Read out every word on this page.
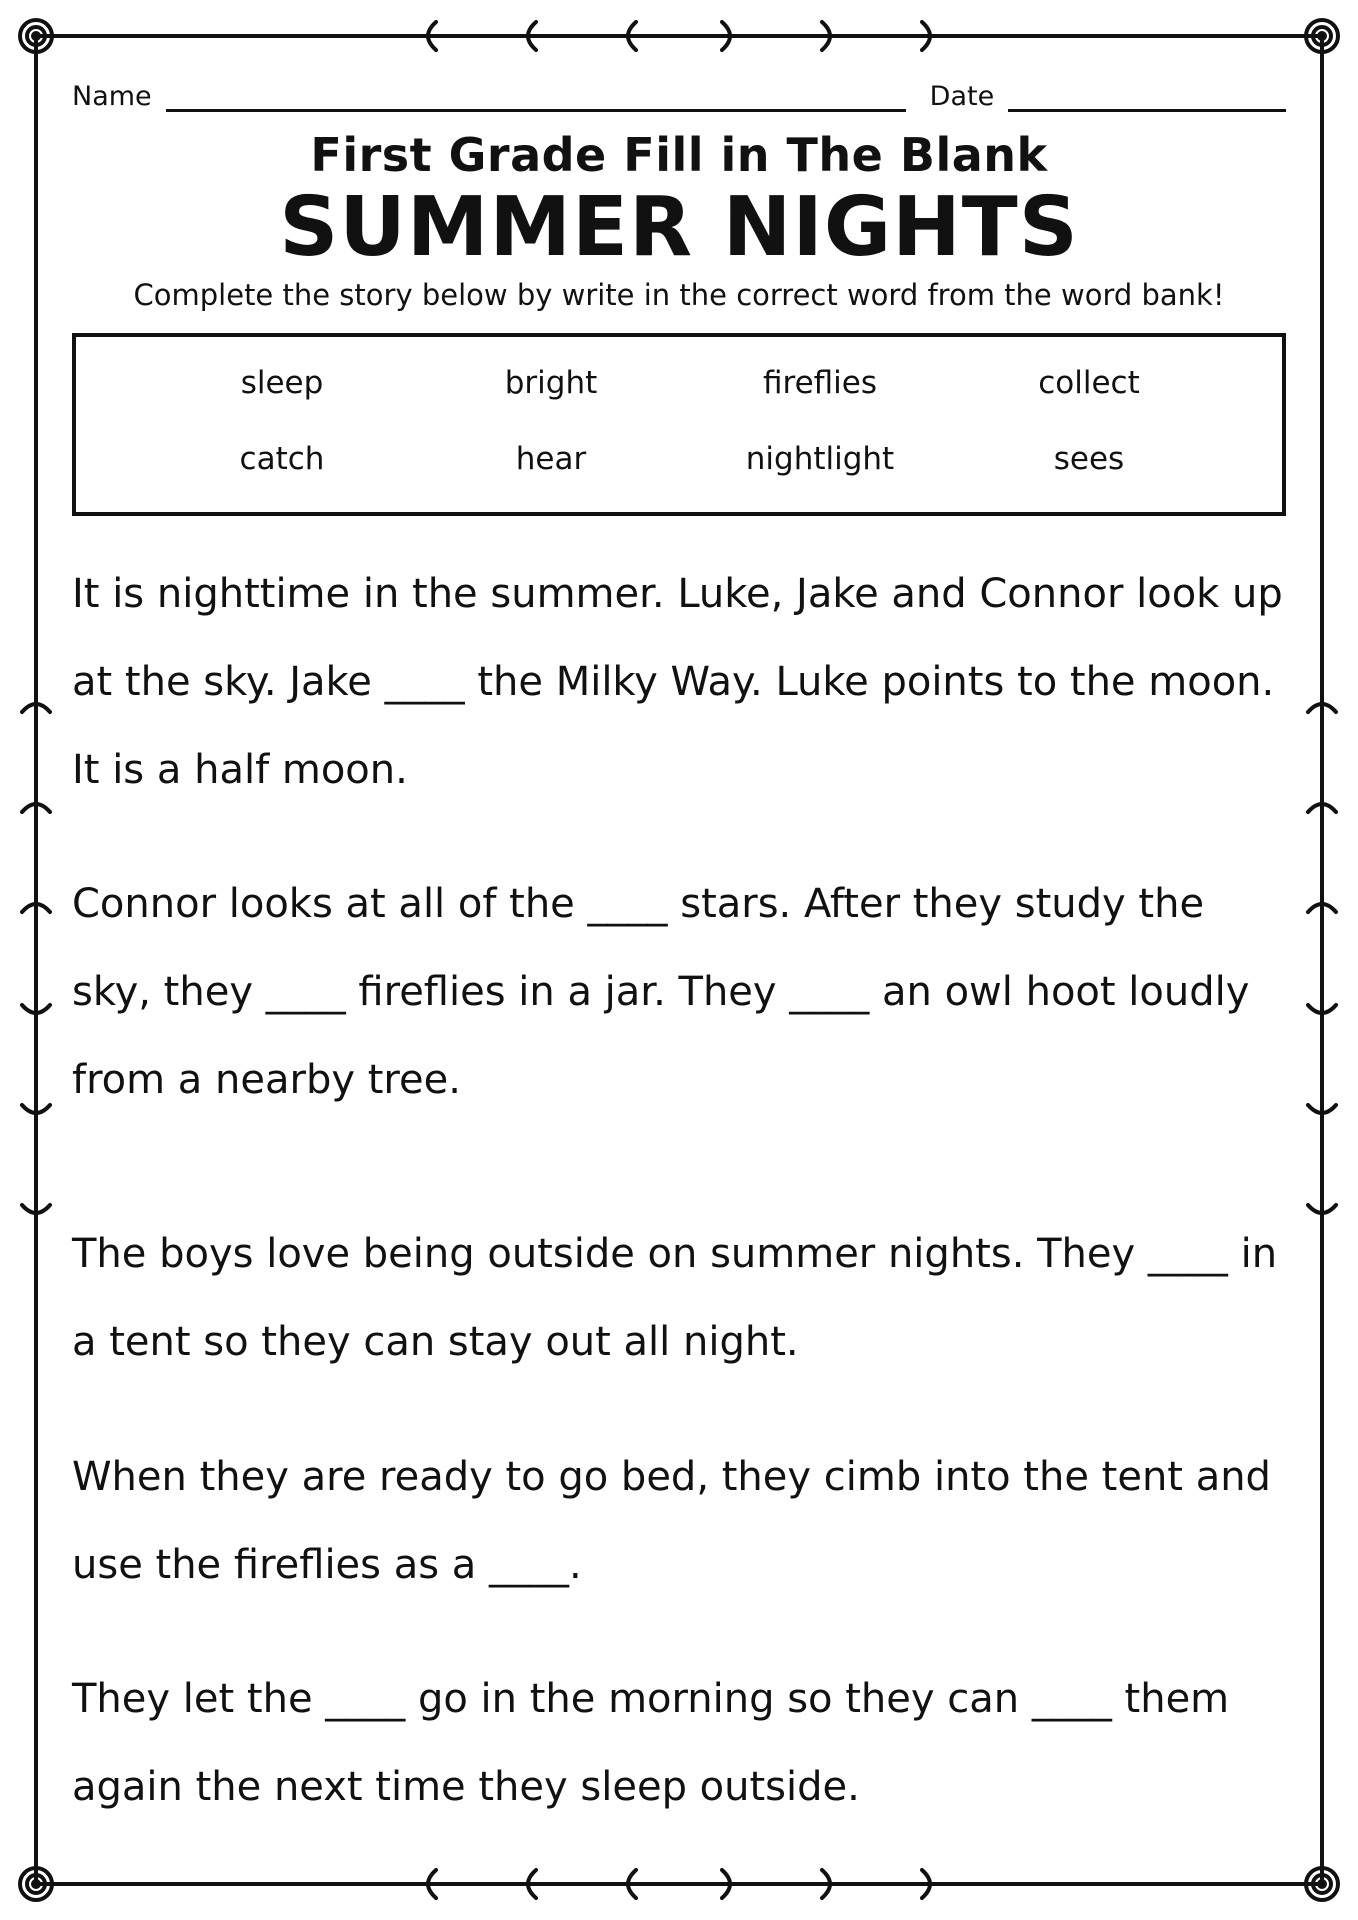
Name	Date
First Grade Fill in The Blank
SUMMER NIGHTS
Complete the story below by write in the correct word from the word bank!
sleep	bright	fireflies	collect
catch	hear	nightlight	sees

It is nighttime in the summer. Luke, Jake and Connor look up at the sky. Jake ____ the Milky Way. Luke points to the moon. It is a half moon.

Connor looks at all of the ____ stars. After they study the sky, they ____ fireflies in a jar. They ____ an owl hoot loudly from a nearby tree.

The boys love being outside on summer nights. They ____ in a tent so they can stay out all night.

When they are ready to go bed, they cimb into the tent and use the fireflies as a ____.

They let the ____ go in the morning so they can ____ them again the next time they sleep outside.
